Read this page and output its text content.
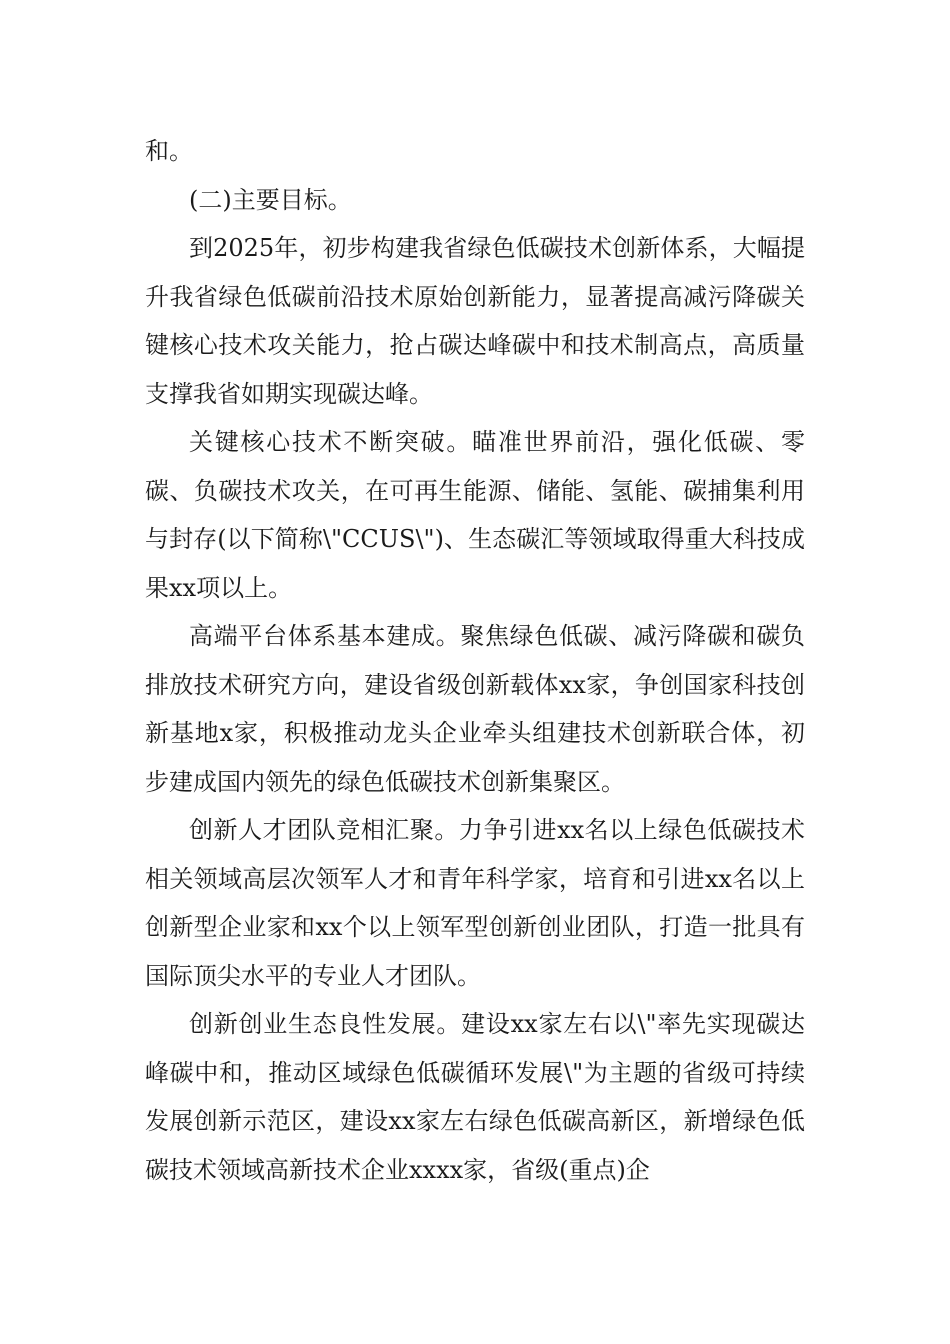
和。

(二)主要目标。

到2025年，初步构建我省绿色低碳技术创新体系，大幅提升我省绿色低碳前沿技术原始创新能力，显著提高减污降碳关键核心技术攻关能力，抢占碳达峰碳中和技术制高点，高质量支撑我省如期实现碳达峰。

关键核心技术不断突破。瞄准世界前沿，强化低碳、零碳、负碳技术攻关，在可再生能源、储能、氢能、碳捕集利用与封存(以下简称\"CCUS\")、生态碳汇等领域取得重大科技成果xx项以上。

高端平台体系基本建成。聚焦绿色低碳、减污降碳和碳负排放技术研究方向，建设省级创新载体xx家，争创国家科技创新基地x家，积极推动龙头企业牵头组建技术创新联合体，初步建成国内领先的绿色低碳技术创新集聚区。

创新人才团队竞相汇聚。力争引进xx名以上绿色低碳技术相关领域高层次领军人才和青年科学家，培育和引进xx名以上创新型企业家和xx个以上领军型创新创业团队，打造一批具有国际顶尖水平的专业人才团队。

创新创业生态良性发展。建设xx家左右以\"率先实现碳达峰碳中和，推动区域绿色低碳循环发展\"为主题的省级可持续发展创新示范区，建设xx家左右绿色低碳高新区，新增绿色低碳技术领域高新技术企业xxxx家，省级(重点)企
